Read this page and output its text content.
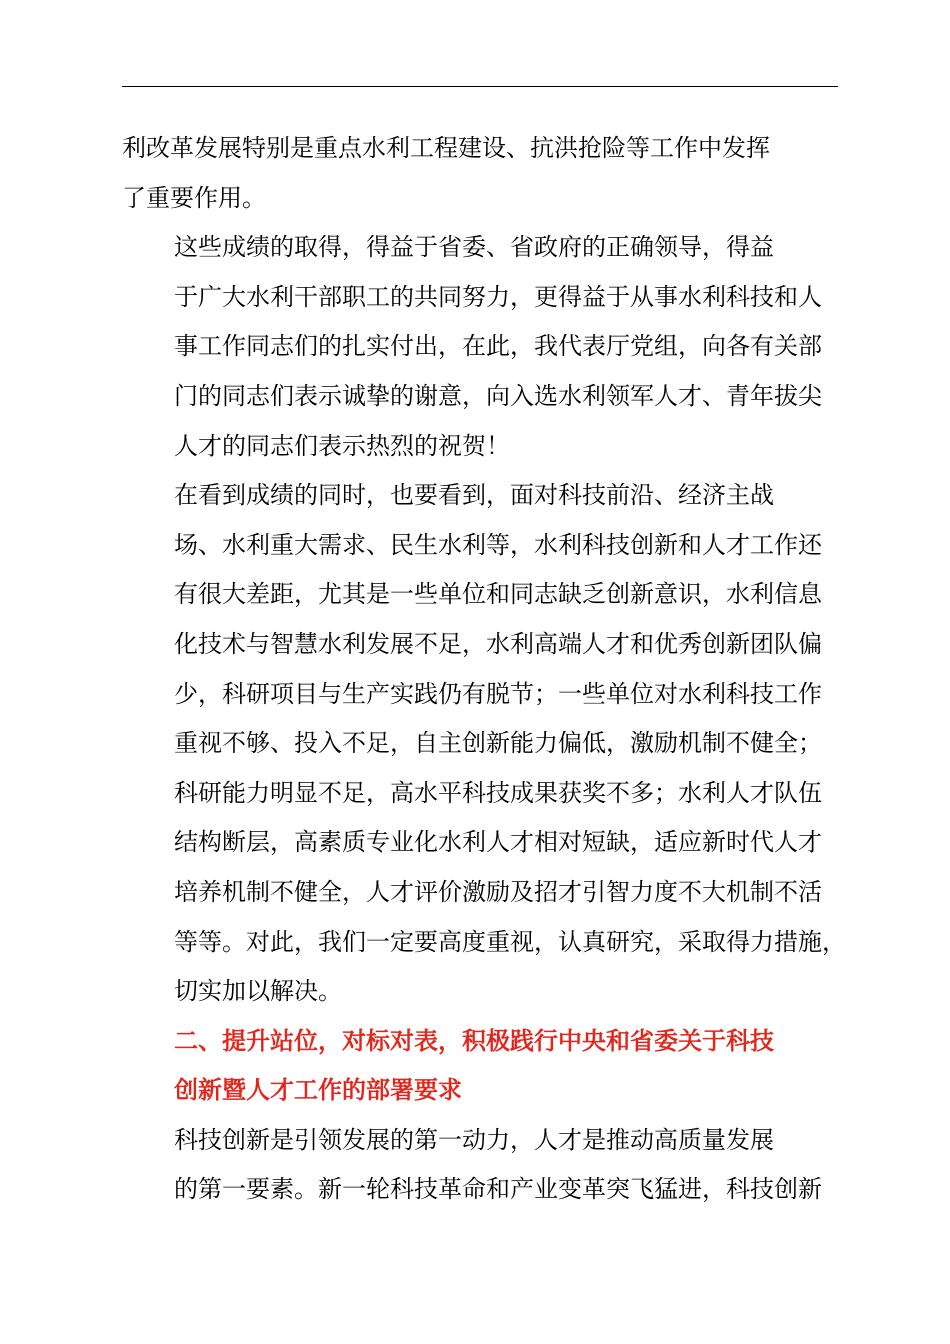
利改革发展特别是重点水利工程建设、抗洪抢险等工作中发挥
了重要作用。

这些成绩的取得，得益于省委、省政府的正确领导，得益
于广大水利干部职工的共同努力，更得益于从事水利科技和人
事工作同志们的扎实付出，在此，我代表厅党组，向各有关部
门的同志们表示诚挚的谢意，向入选水利领军人才、青年拔尖
人才的同志们表示热烈的祝贺！

在看到成绩的同时，也要看到，面对科技前沿、经济主战
场、水利重大需求、民生水利等，水利科技创新和人才工作还
有很大差距，尤其是一些单位和同志缺乏创新意识，水利信息
化技术与智慧水利发展不足，水利高端人才和优秀创新团队偏
少，科研项目与生产实践仍有脱节；一些单位对水利科技工作
重视不够、投入不足，自主创新能力偏低，激励机制不健全；
科研能力明显不足，高水平科技成果获奖不多；水利人才队伍
结构断层，高素质专业化水利人才相对短缺，适应新时代人才
培养机制不健全，人才评价激励及招才引智力度不大机制不活
等等。对此，我们一定要高度重视，认真研究，采取得力措施，
切实加以解决。

二、提升站位，对标对表，积极践行中央和省委关于科技
创新暨人才工作的部署要求

科技创新是引领发展的第一动力，人才是推动高质量发展
的第一要素。新一轮科技革命和产业变革突飞猛进，科技创新
